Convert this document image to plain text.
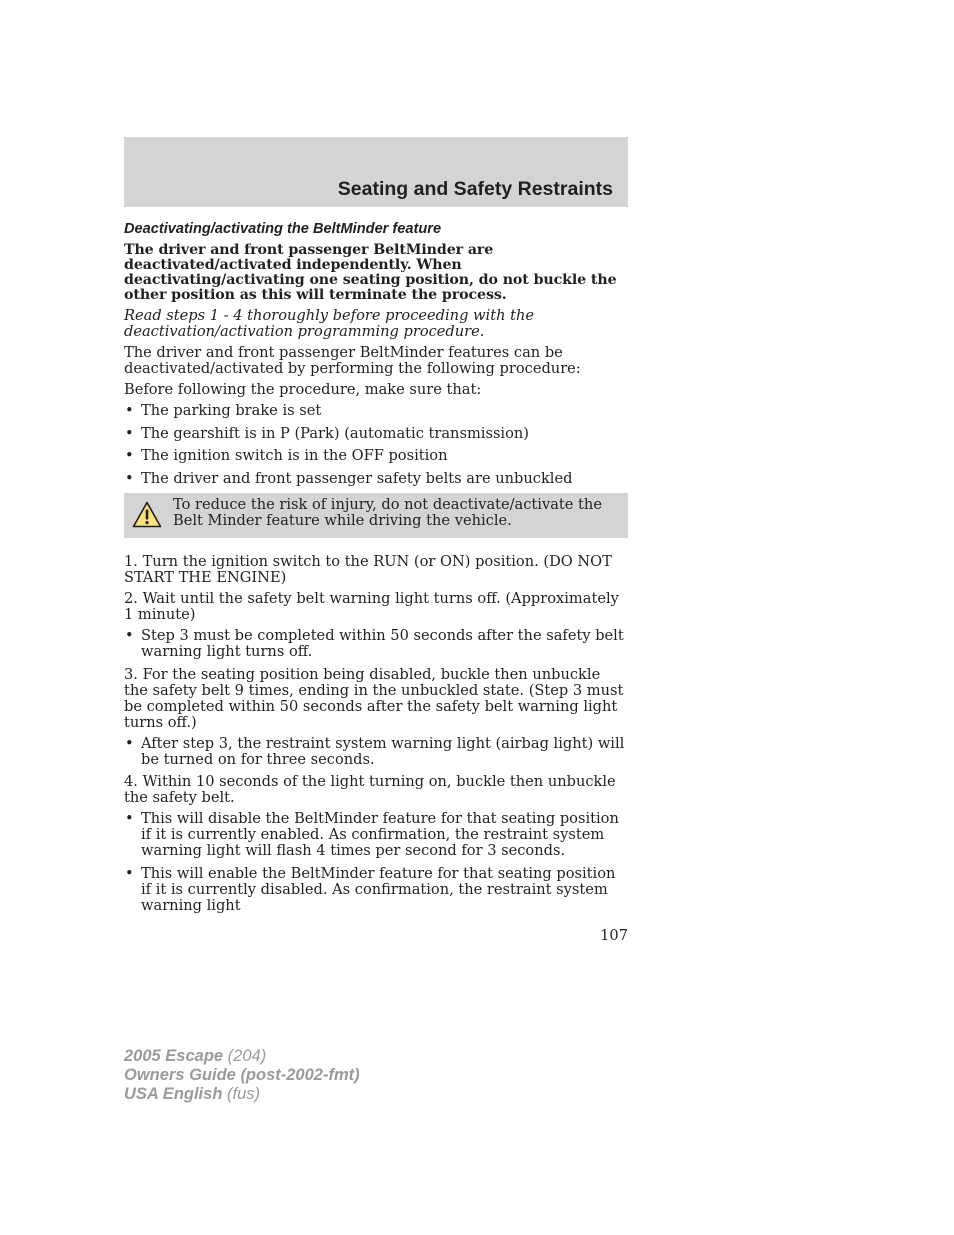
Seating and Safety Restraints
Deactivating/activating the BeltMinder feature
The driver and front passenger BeltMinder are deactivated/activated independently. When deactivating/activating one seating position, do not buckle the other position as this will terminate the process.
Read steps 1 - 4 thoroughly before proceeding with the deactivation/activation programming procedure.
The driver and front passenger BeltMinder features can be deactivated/activated by performing the following procedure:
Before following the procedure, make sure that:
• The parking brake is set
• The gearshift is in P (Park) (automatic transmission)
• The ignition switch is in the OFF position
• The driver and front passenger safety belts are unbuckled
To reduce the risk of injury, do not deactivate/activate the Belt Minder feature while driving the vehicle.
1. Turn the ignition switch to the RUN (or ON) position. (DO NOT START THE ENGINE)
2. Wait until the safety belt warning light turns off. (Approximately 1 minute)
• Step 3 must be completed within 50 seconds after the safety belt warning light turns off.
3. For the seating position being disabled, buckle then unbuckle the safety belt 9 times, ending in the unbuckled state. (Step 3 must be completed within 50 seconds after the safety belt warning light turns off.)
• After step 3, the restraint system warning light (airbag light) will be turned on for three seconds.
4. Within 10 seconds of the light turning on, buckle then unbuckle the safety belt.
• This will disable the BeltMinder feature for that seating position if it is currently enabled. As confirmation, the restraint system warning light will flash 4 times per second for 3 seconds.
• This will enable the BeltMinder feature for that seating position if it is currently disabled. As confirmation, the restraint system warning light
107
2005 Escape (204)
Owners Guide (post-2002-fmt)
USA English (fus)
